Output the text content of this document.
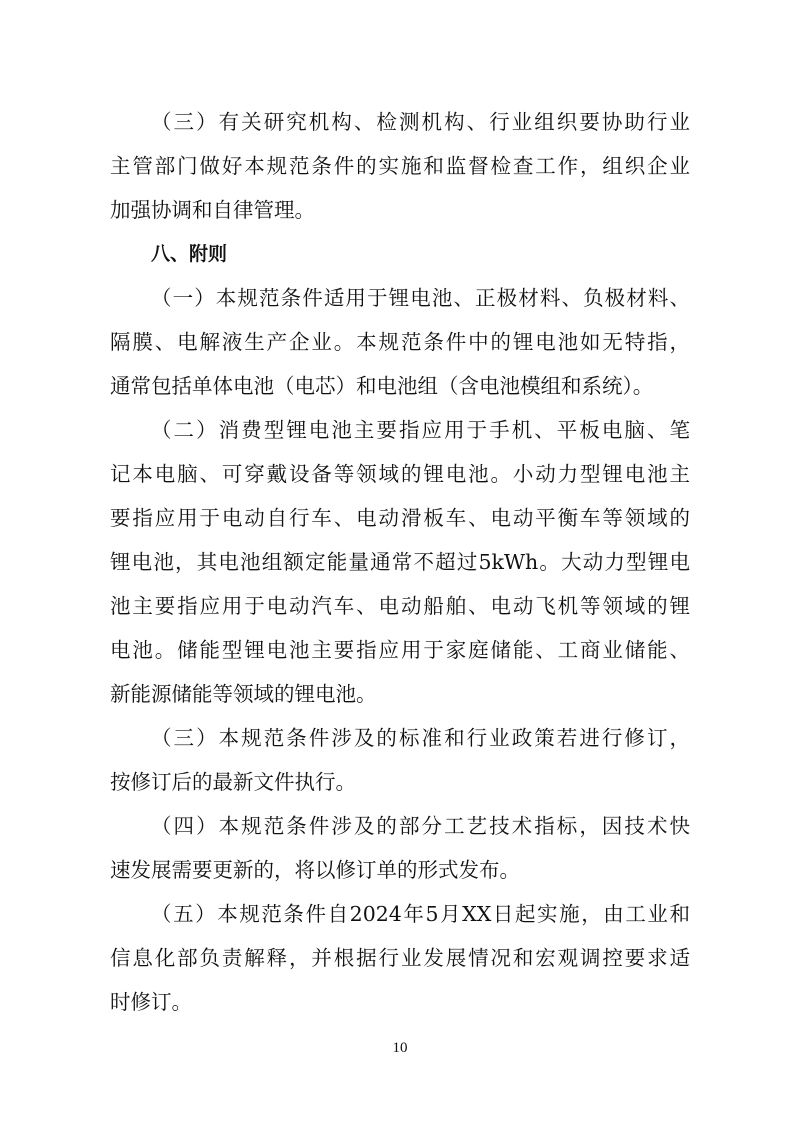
（三）有关研究机构、检测机构、行业组织要协助行业
主管部门做好本规范条件的实施和监督检查工作，组织企业
加强协调和自律管理。
八、附则
（一）本规范条件适用于锂电池、正极材料、负极材料、
隔膜、电解液生产企业。本规范条件中的锂电池如无特指，
通常包括单体电池（电芯）和电池组（含电池模组和系统）。
（二）消费型锂电池主要指应用于手机、平板电脑、笔
记本电脑、可穿戴设备等领域的锂电池。小动力型锂电池主
要指应用于电动自行车、电动滑板车、电动平衡车等领域的
锂电池，其电池组额定能量通常不超过5kWh。大动力型锂电
池主要指应用于电动汽车、电动船舶、电动飞机等领域的锂
电池。储能型锂电池主要指应用于家庭储能、工商业储能、
新能源储能等领域的锂电池。
（三）本规范条件涉及的标准和行业政策若进行修订，
按修订后的最新文件执行。
（四）本规范条件涉及的部分工艺技术指标，因技术快
速发展需要更新的，将以修订单的形式发布。
（五）本规范条件自2024年5月XX日起实施，由工业和
信息化部负责解释，并根据行业发展情况和宏观调控要求适
时修订。
10
